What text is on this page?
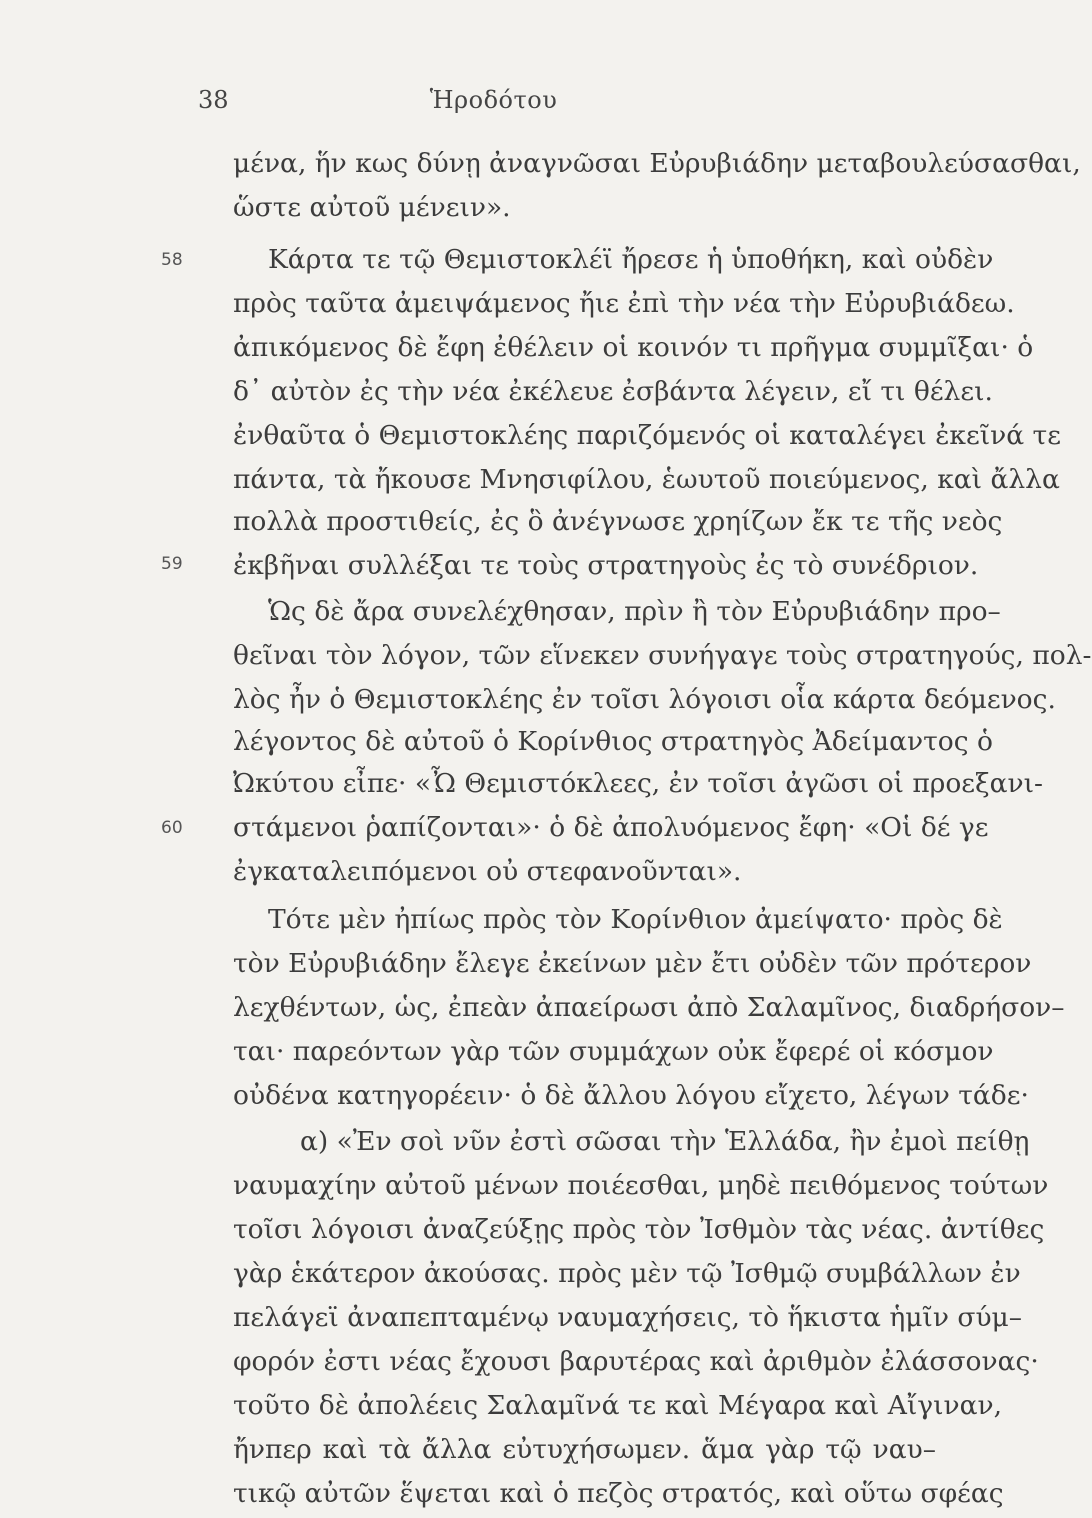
38	Ἡροδότου
58
59
60
μένα, ἥν κως δύνῃ ἀναγνῶσαι Εὐρυβιάδην μεταβουλεύσασθαι,
ὥστε αὐτοῦ μένειν».
Κάρτα τε τῷ Θεμιστοκλέϊ ἤρεσε ἡ ὑποθήκη, καὶ οὐδὲν
πρὸς ταῦτα ἀμειψάμενος ἤιε ἐπὶ τὴν νέα τὴν Εὐρυβιάδεω.
ἀπικόμενος δὲ ἔφη ἐθέλειν οἱ κοινόν τι πρῆγμα συμμῖξαι· ὁ
δ᾽ αὐτὸν ἐς τὴν νέα ἐκέλευε ἐσβάντα λέγειν, εἴ τι θέλει.
ἐνθαῦτα ὁ Θεμιστοκλέης παριζόμενός οἱ καταλέγει ἐκεῖνά τε
πάντα, τὰ ἤκουσε Μνησιφίλου, ἑωυτοῦ ποιεύμενος, καὶ ἄλλα
πολλὰ προστιθείς, ἐς ὃ ἀνέγνωσε χρηίζων ἔκ τε τῆς νεὸς
ἐκβῆναι συλλέξαι τε τοὺς στρατηγοὺς ἐς τὸ συνέδριον.
Ὡς δὲ ἄρα συνελέχθησαν, πρὶν ἢ τὸν Εὐρυβιάδην προ–
θεῖναι τὸν λόγον, τῶν εἵνεκεν συνήγαγε τοὺς στρατηγούς, πολ-
λὸς ἦν ὁ Θεμιστοκλέης ἐν τοῖσι λόγοισι οἷα κάρτα δεόμενος.
λέγοντος δὲ αὐτοῦ ὁ Κορίνθιος στρατηγὸς Ἀδείμαντος ὁ
Ὠκύτου εἶπε· «Ὦ Θεμιστόκλεες, ἐν τοῖσι ἀγῶσι οἱ προεξανι-
στάμενοι ῥαπίζονται»· ὁ δὲ ἀπολυόμενος ἔφη· «Οἱ δέ γε
ἐγκαταλειπόμενοι οὐ στεφανοῦνται».
Τότε μὲν ἠπίως πρὸς τὸν Κορίνθιον ἀμείψατο· πρὸς δὲ
τὸν Εὐρυβιάδην ἔλεγε ἐκείνων μὲν ἔτι οὐδὲν τῶν πρότερον
λεχθέντων, ὡς, ἐπεὰν ἀπαείρωσι ἀπὸ Σαλαμῖνος, διαδρήσον–
ται· παρεόντων γὰρ τῶν συμμάχων οὐκ ἔφερέ οἱ κόσμον
οὐδένα κατηγορέειν· ὁ δὲ ἄλλου λόγου εἴχετο, λέγων τάδε·
α) «Ἐν σοὶ νῦν ἐστὶ σῶσαι τὴν Ἑλλάδα, ἢν ἐμοὶ πείθῃ
ναυμαχίην αὐτοῦ μένων ποιέεσθαι, μηδὲ πειθόμενος τούτων
τοῖσι λόγοισι ἀναζεύξῃς πρὸς τὸν Ἰσθμὸν τὰς νέας. ἀντίθες
γὰρ ἑκάτερον ἀκούσας. πρὸς μὲν τῷ Ἰσθμῷ συμβάλλων ἐν
πελάγεϊ ἀναπεπταμένῳ ναυμαχήσεις, τὸ ἥκιστα ἡμῖν σύμ–
φορόν ἐστι νέας ἔχουσι βαρυτέρας καὶ ἀριθμὸν ἐλάσσονας·
τοῦτο δὲ ἀπολέεις Σαλαμῖνά τε καὶ Μέγαρα καὶ Αἴγιναν,
ἤνπερ καὶ τὰ ἄλλα εὐτυχήσωμεν. ἅμα γὰρ τῷ ναυ–
τικῷ αὐτῶν ἕψεται καὶ ὁ πεζὸς στρατός, καὶ οὕτω σφέας
